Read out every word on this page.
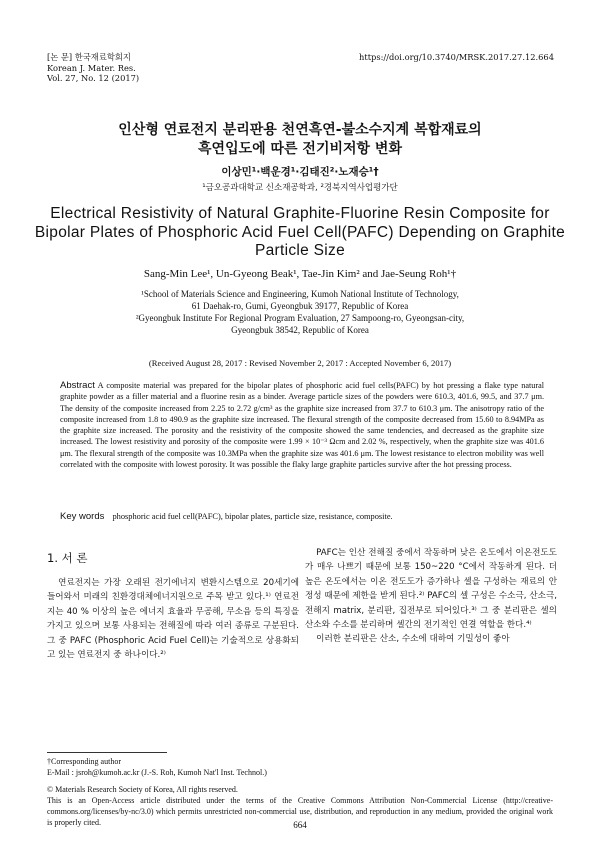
[논 문] 한국재료학회지
Korean J. Mater. Res.
Vol. 27, No. 12 (2017)
https://doi.org/10.3740/MRSK.2017.27.12.664
인산형 연료전지 분리판용 천연흑연-불소수지계 복합재료의
흑연입도에 따른 전기비저항 변화
이상민¹·백운경¹·김태진²·노재승¹†
¹금오공과대학교 신소재공학과, ²경북지역사업평가단
Electrical Resistivity of Natural Graphite-Fluorine Resin Composite for Bipolar Plates of Phosphoric Acid Fuel Cell(PAFC) Depending on Graphite Particle Size
Sang-Min Lee¹, Un-Gyeong Beak¹, Tae-Jin Kim² and Jae-Seung Roh¹†
¹School of Materials Science and Engineering, Kumoh National Institute of Technology,
61 Daehak-ro, Gumi, Gyeongbuk 39177, Republic of Korea
²Gyeongbuk Institute For Regional Program Evaluation, 27 Sampoong-ro, Gyeongsan-city,
Gyeongbuk 38542, Republic of Korea
(Received August 28, 2017 : Revised November 2, 2017 : Accepted November 6, 2017)
Abstract A composite material was prepared for the bipolar plates of phosphoric acid fuel cells(PAFC) by hot pressing a flake type natural graphite powder as a filler material and a fluorine resin as a binder. Average particle sizes of the powders were 610.3, 401.6, 99.5, and 37.7 μm. The density of the composite increased from 2.25 to 2.72 g/cm³ as the graphite size increased from 37.7 to 610.3 μm. The anisotropy ratio of the composite increased from 1.8 to 490.9 as the graphite size increased. The flexural strength of the composite decreased from 15.60 to 8.94MPa as the graphite size increased. The porosity and the resistivity of the composite showed the same tendencies, and decreased as the graphite size increased. The lowest resistivity and porosity of the composite were 1.99 × 10⁻³ Ωcm and 2.02 %, respectively, when the graphite size was 401.6 μm. The flexural strength of the composite was 10.3MPa when the graphite size was 401.6 μm. The lowest resistance to electron mobility was well correlated with the composite with lowest porosity. It was possible the flaky large graphite particles survive after the hot pressing process.
Key words phosphoric acid fuel cell(PAFC), bipolar plates, particle size, resistance, composite.
1. 서 론

연료전지는 가장 오래된 전기에너지 변환시스템으로 20세기에 들어와서 미래의 친환경대체에너지원으로 주목 받고 있다.¹⁾ 연료전지는 40 % 이상의 높은 에너지 효율과 무공해, 무소음 등의 특징을 가지고 있으며 보통 사용되는 전해질에 따라 여러 종류로 구분된다. 그 중 PAFC (Phosphoric Acid Fuel Cell)는 기술적으로 상용화되고 있는 연료전지 중 하나이다.²⁾

PAFC는 인산 전해질 중에서 작동하며 낮은 온도에서 이온전도도가 매우 나쁘기 때문에 보통 150~220 °C에서 작동하게 된다. 더 높은 온도에서는 이온 전도도가 증가하나 셀을 구성하는 재료의 안정성 때문에 제한을 받게 된다.²⁾ PAFC의 셀 구성은 수소극, 산소극, 전해지 matrix, 분리판, 집전부로 되어있다.³⁾ 그 중 분리판은 셀의 산소와 수소를 분리하며 셀간의 전기적인 연결 역할을 한다.⁴⁾

이러한 분리판은 산소, 수소에 대하여 기밀성이 좋아

†Corresponding author
E-Mail : jsroh@kumoh.ac.kr (J.-S. Roh, Kumoh Nat'l Inst. Technol.)
© Materials Research Society of Korea, All rights reserved.
This is an Open-Access article distributed under the terms of the Creative Commons Attribution Non-Commercial License (http://creative-commons.org/licenses/by-nc/3.0) which permits unrestricted non-commercial use, distribution, and reproduction in any medium, provided the original work is properly cited.	664
